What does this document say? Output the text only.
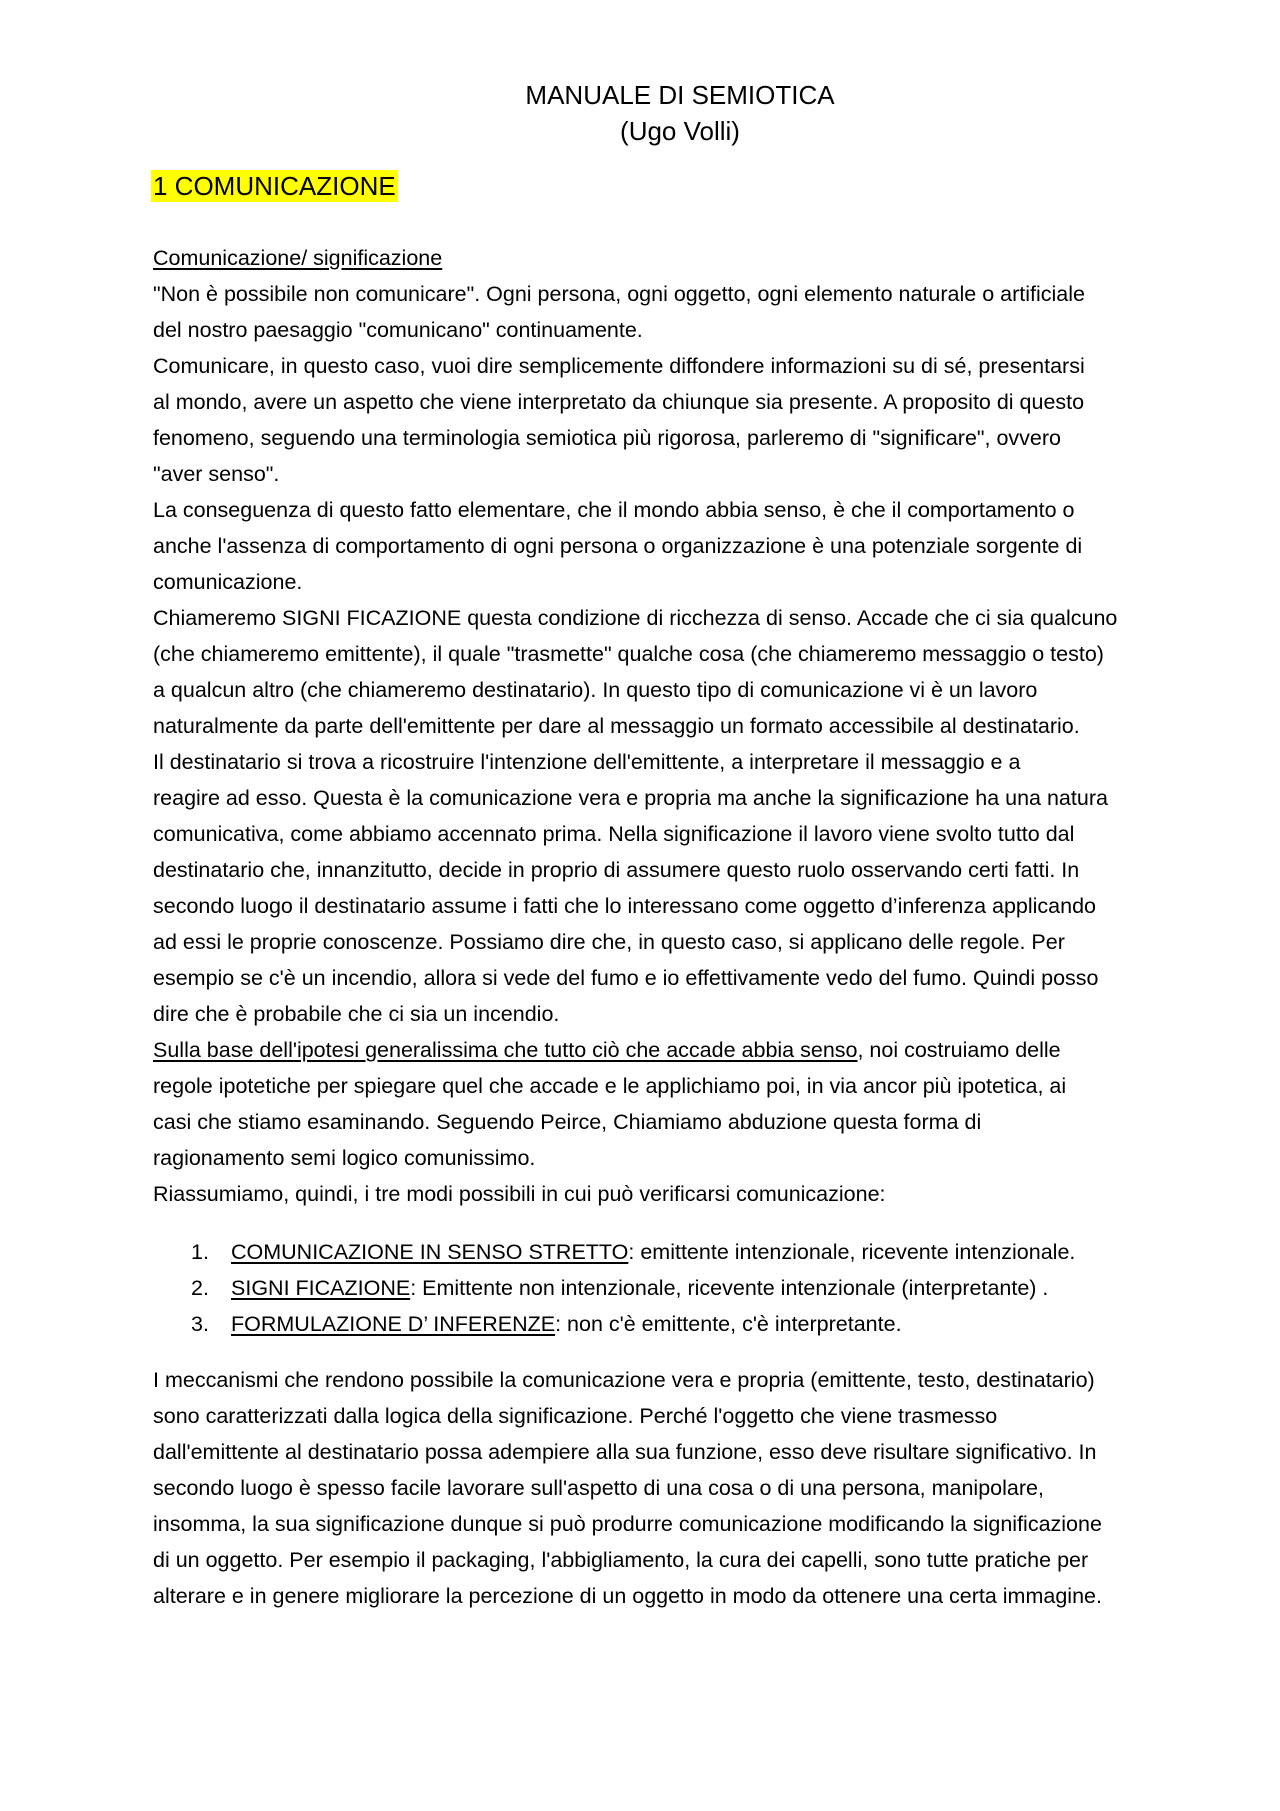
MANUALE DI SEMIOTICA
(Ugo Volli)
1 COMUNICAZIONE
Comunicazione/ significazione
"Non è possibile non comunicare". Ogni persona, ogni oggetto, ogni elemento naturale o artificiale
del nostro paesaggio "comunicano" continuamente.
Comunicare, in questo caso, vuoi dire semplicemente diffondere informazioni su di sé, presentarsi
al mondo, avere un aspetto che viene interpretato da chiunque sia presente. A proposito di questo
fenomeno, seguendo una terminologia semiotica più rigorosa, parleremo di "significare", ovvero
"aver senso".
La conseguenza di questo fatto elementare, che il mondo abbia senso, è che il comportamento o
anche l'assenza di comportamento di ogni persona o organizzazione è una potenziale sorgente di
comunicazione.
Chiameremo SIGNI FICAZIONE questa condizione di ricchezza di senso. Accade che ci sia qualcuno
(che chiameremo emittente), il quale "trasmette" qualche cosa (che chiameremo messaggio o testo)
a qualcun altro (che chiameremo destinatario). In questo tipo di comunicazione vi è un lavoro
naturalmente da parte dell'emittente per dare al messaggio un formato accessibile al destinatario.
Il destinatario si trova a ricostruire l'intenzione dell'emittente, a interpretare il messaggio e a
reagire ad esso. Questa è la comunicazione vera e propria ma anche la significazione ha una natura
comunicativa, come abbiamo accennato prima. Nella significazione il lavoro viene svolto tutto dal
destinatario che, innanzitutto, decide in proprio di assumere questo ruolo osservando certi fatti. In
secondo luogo il destinatario assume i fatti che lo interessano come oggetto d’inferenza applicando
ad essi le proprie conoscenze. Possiamo dire che, in questo caso, si applicano delle regole. Per
esempio se c'è un incendio, allora si vede del fumo e io effettivamente vedo del fumo. Quindi posso
dire che è probabile che ci sia un incendio.
Sulla base dell'ipotesi generalissima che tutto ciò che accade abbia senso, noi costruiamo delle
regole ipotetiche per spiegare quel che accade e le applichiamo poi, in via ancor più ipotetica, ai
casi che stiamo esaminando. Seguendo Peirce, Chiamiamo abduzione questa forma di
ragionamento semi logico comunissimo.
Riassumiamo, quindi, i tre modi possibili in cui può verificarsi comunicazione:
1.	COMUNICAZIONE IN SENSO STRETTO: emittente intenzionale, ricevente intenzionale.
2.	SIGNI FICAZIONE: Emittente non intenzionale, ricevente intenzionale (interpretante) .
3.	FORMULAZIONE D’ INFERENZE: non c'è emittente, c'è interpretante.
I meccanismi che rendono possibile la comunicazione vera e propria (emittente, testo, destinatario)
sono caratterizzati dalla logica della significazione. Perché l'oggetto che viene trasmesso
dall'emittente al destinatario possa adempiere alla sua funzione, esso deve risultare significativo. In
secondo luogo è spesso facile lavorare sull'aspetto di una cosa o di una persona, manipolare,
insomma, la sua significazione dunque si può produrre comunicazione modificando la significazione
di un oggetto. Per esempio il packaging, l'abbigliamento, la cura dei capelli, sono tutte pratiche per
alterare e in genere migliorare la percezione di un oggetto in modo da ottenere una certa immagine.
